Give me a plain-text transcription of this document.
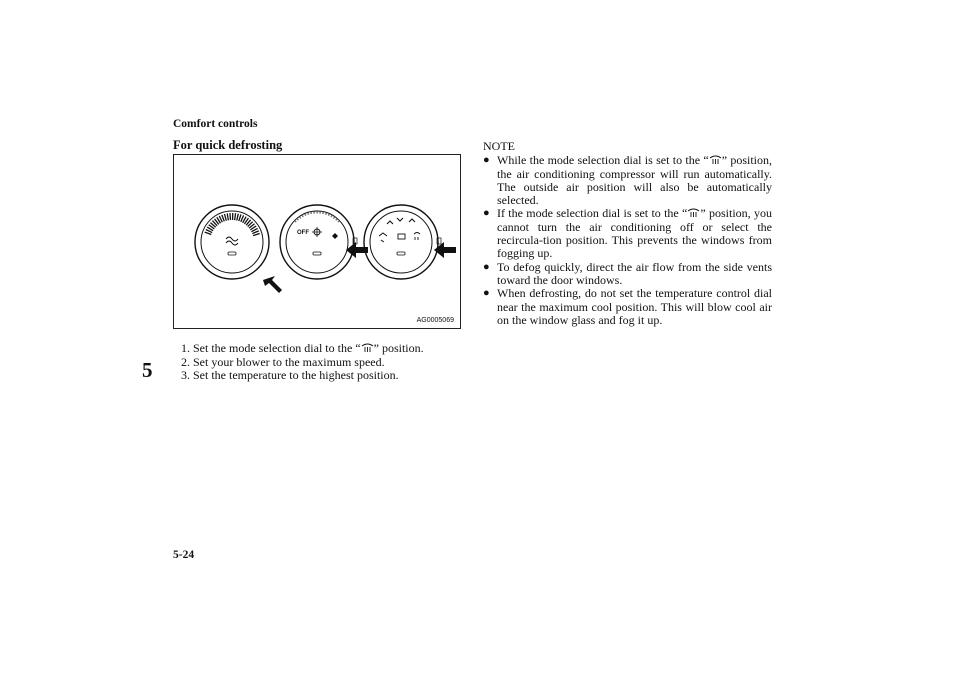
Comfort controls
5
5-24
For quick defrosting
OFF
AG0005069
1. Set the mode selection dial to the “ ” position.
2. Set your blower to the maximum speed.
3. Set the temperature to the highest position.
NOTE

● While the mode selection dial is set to the “ ” position, the air conditioning compressor will run automatically. The outside air position will also be automatically selected.

● If the mode selection dial is set to the “ ” position, you cannot turn the air conditioning off or select the recircula-tion position. This prevents the windows from fogging up.

● To defog quickly, direct the air flow from the side vents toward the door windows.

● When defrosting, do not set the temperature control dial near the maximum cool position. This will blow cool air on the window glass and fog it up.
